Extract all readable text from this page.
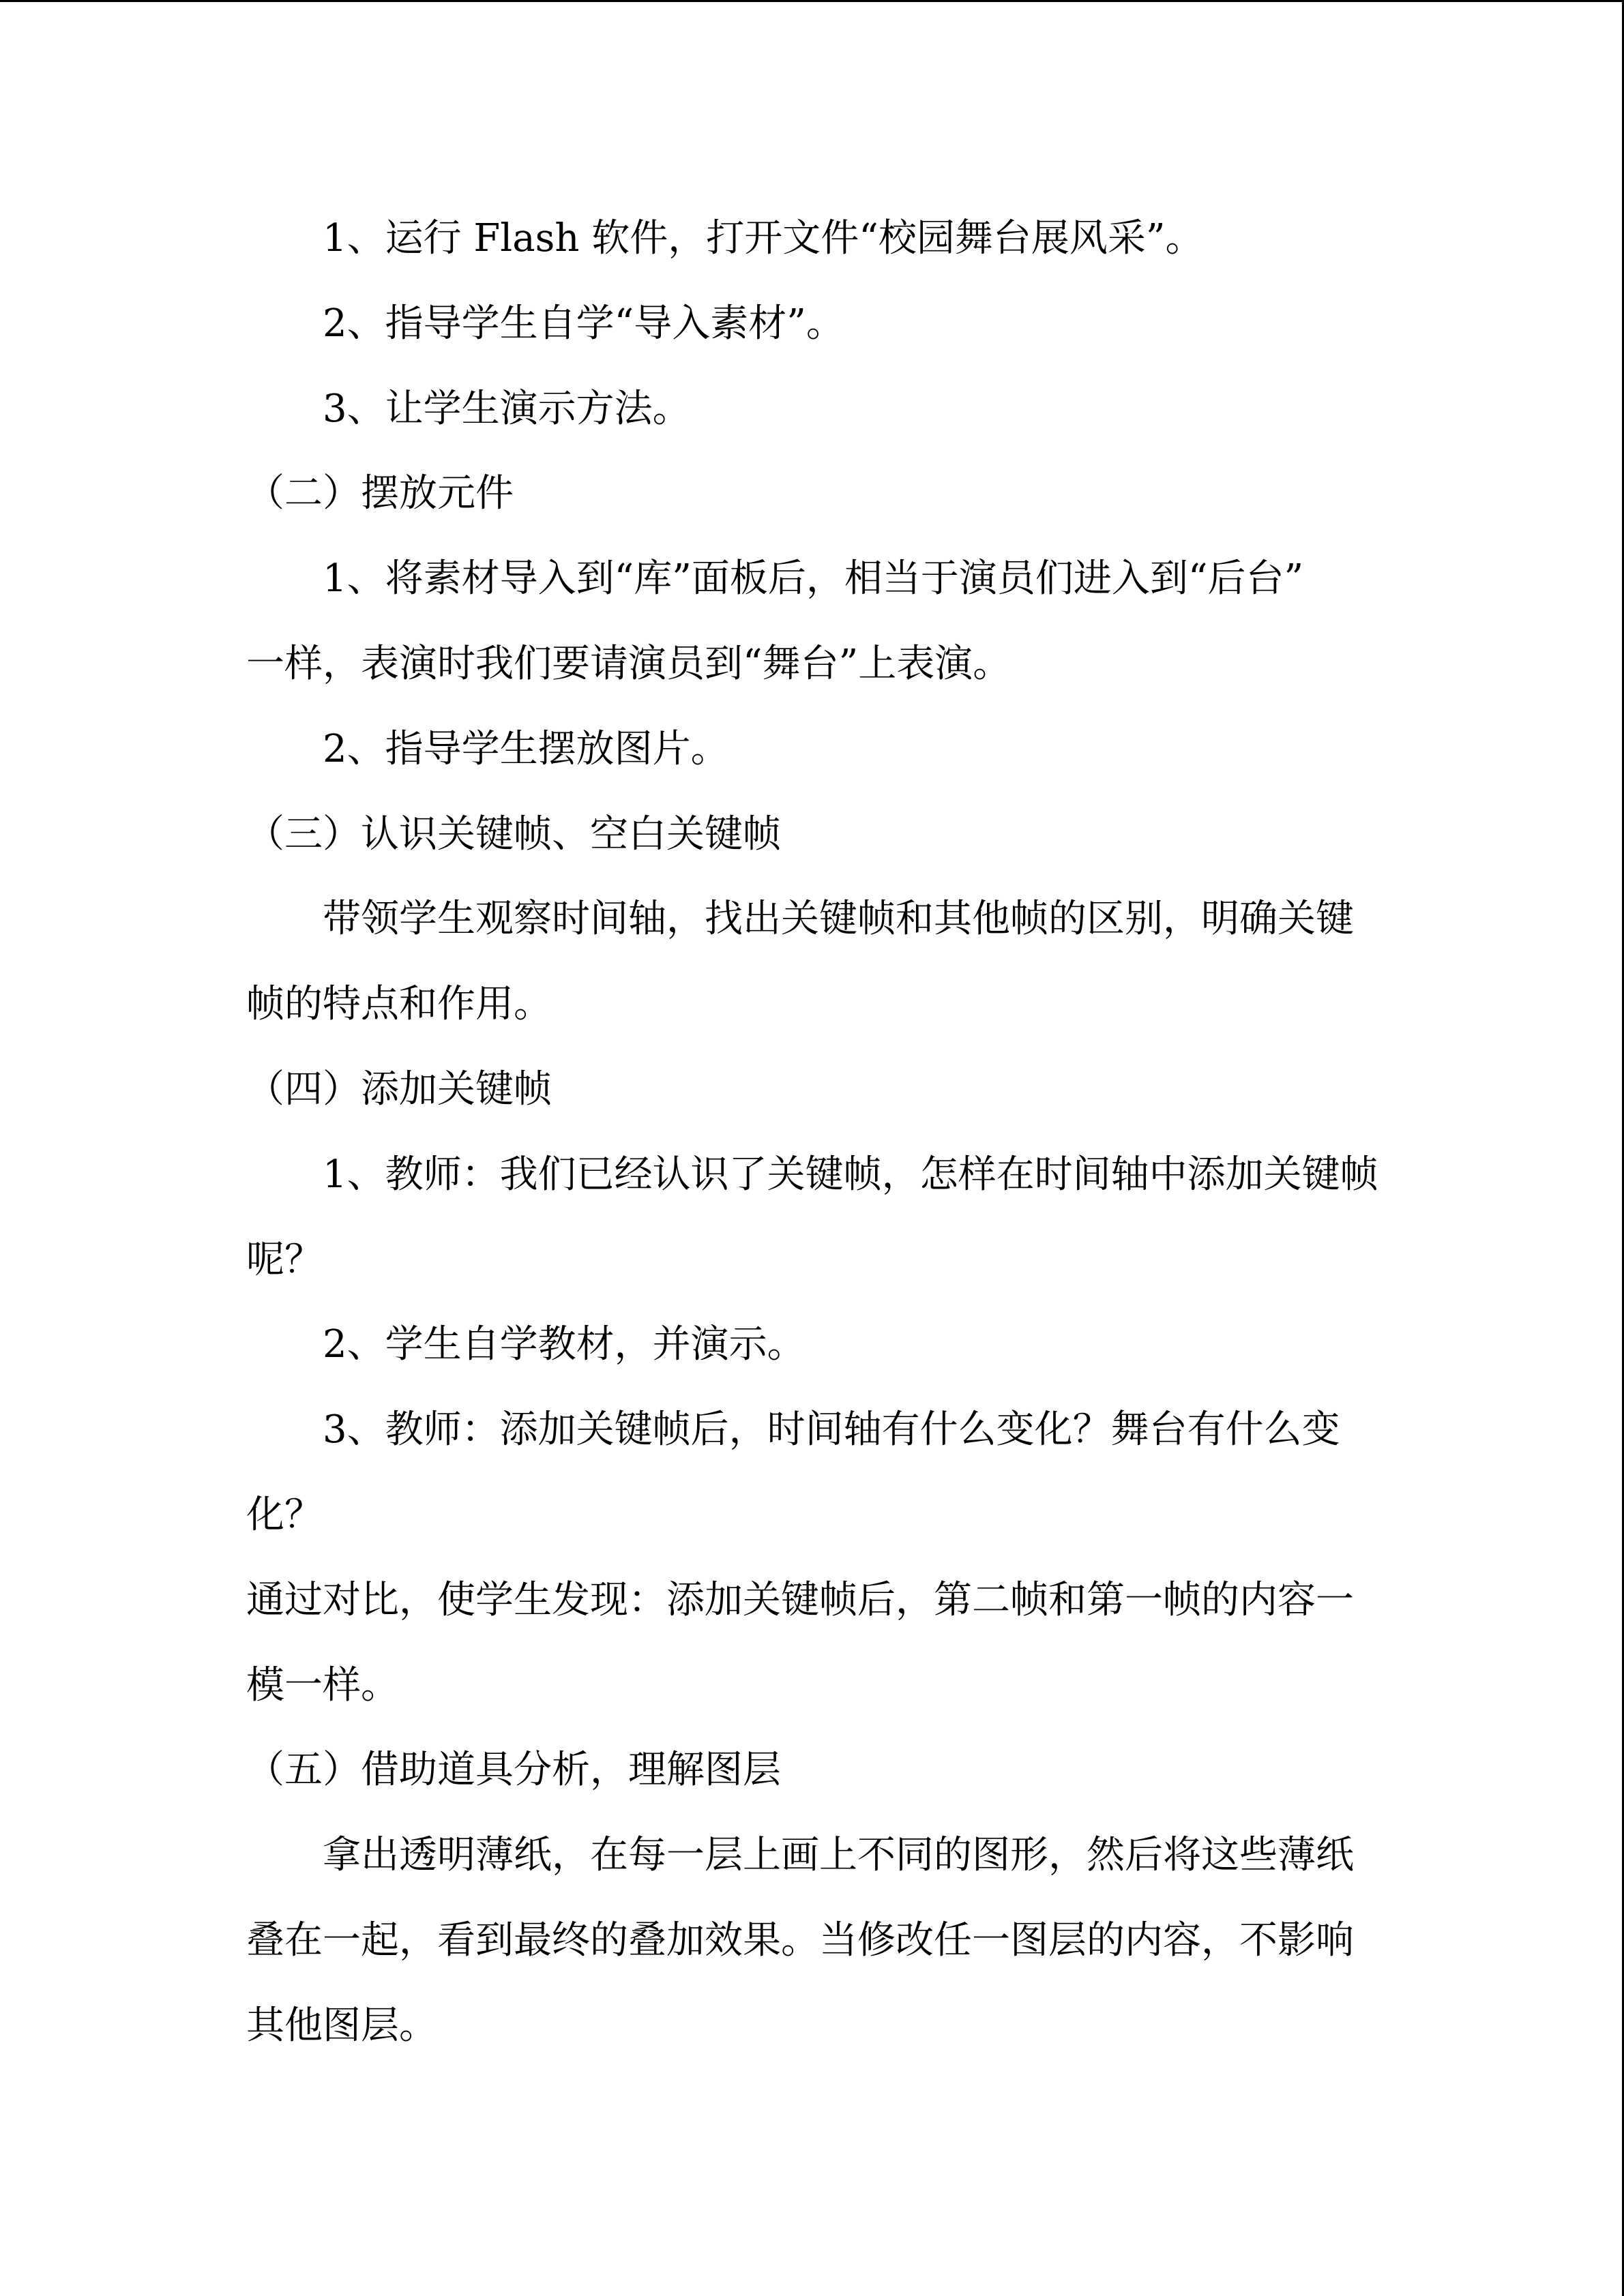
1、运行 Flash 软件，打开文件“校园舞台展风采”。
2、指导学生自学“导入素材”。
3、让学生演示方法。
（二）摆放元件
1、将素材导入到“库”面板后，相当于演员们进入到“后台”
一样，表演时我们要请演员到“舞台”上表演。
2、指导学生摆放图片。
（三）认识关键帧、空白关键帧
带领学生观察时间轴，找出关键帧和其他帧的区别，明确关键
帧的特点和作用。
（四）添加关键帧
1、教师：我们已经认识了关键帧，怎样在时间轴中添加关键帧
呢？
2、学生自学教材，并演示。
3、教师：添加关键帧后，时间轴有什么变化？舞台有什么变
化？
通过对比，使学生发现：添加关键帧后，第二帧和第一帧的内容一
模一样。
（五）借助道具分析，理解图层
拿出透明薄纸，在每一层上画上不同的图形，然后将这些薄纸
叠在一起，看到最终的叠加效果。当修改任一图层的内容，不影响
其他图层。
